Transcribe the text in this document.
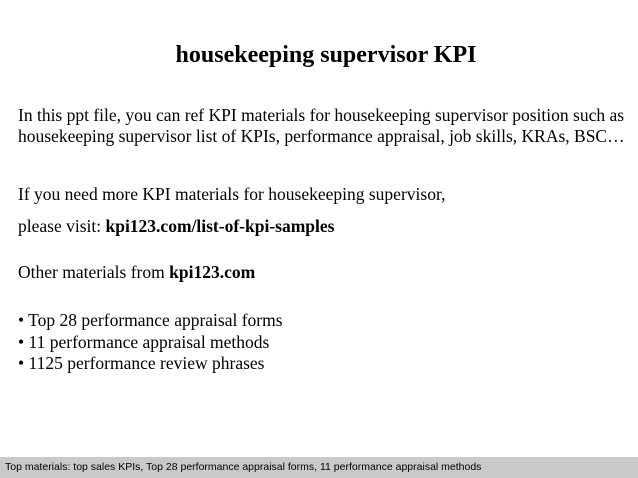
housekeeping supervisor KPI
In this ppt file, you can ref KPI materials for housekeeping supervisor position such as housekeeping supervisor list of KPIs, performance appraisal, job skills, KRAs, BSC…
If you need more KPI materials for housekeeping supervisor,
please visit: kpi123.com/list-of-kpi-samples
Other materials from kpi123.com
• Top 28 performance appraisal forms
• 11 performance appraisal methods
• 1125 performance review phrases
Top materials: top sales KPIs, Top 28 performance appraisal forms, 11 performance appraisal methods
